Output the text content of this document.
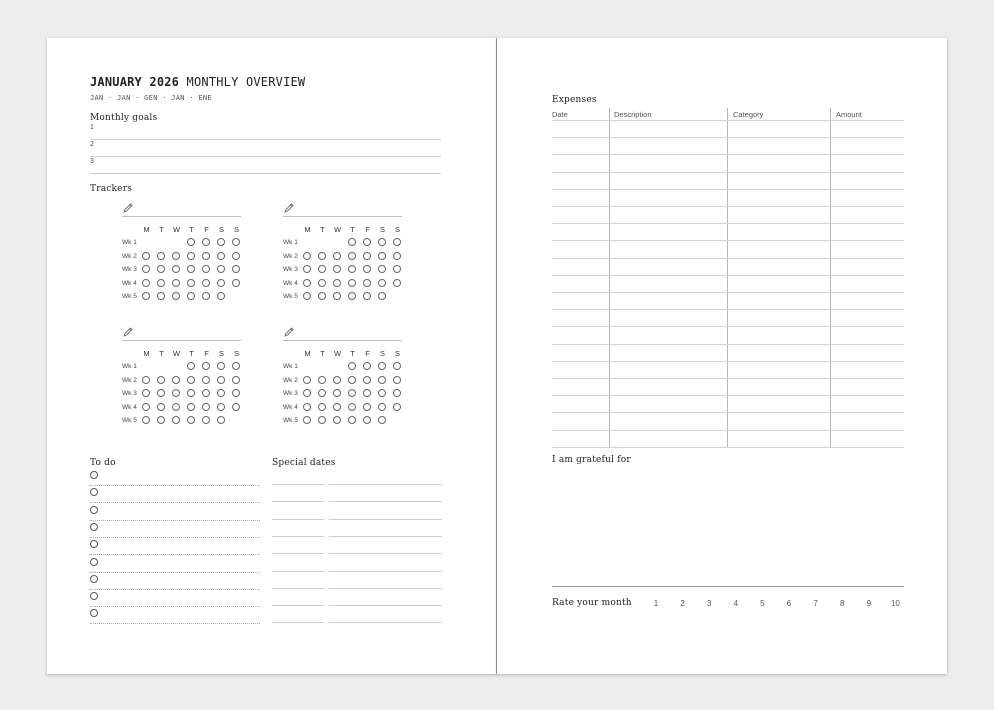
JANUARY 2026 MONTHLY OVERVIEW
JAN · JAN · GEN · JAN · ENE
Monthly goals
1
2
3
Trackers
M	T	W	T	F	S	S
Wk 1
Wk 2
Wk 3
Wk 4
Wk 5
M	T	W	T	F	S	S
Wk 1
Wk 2
Wk 3
Wk 4
Wk 5
M	T	W	T	F	S	S
Wk 1
Wk 2
Wk 3
Wk 4
Wk 5
M	T	W	T	F	S	S
Wk 1
Wk 2
Wk 3
Wk 4
Wk 5
To do	Special dates
Expenses
Date	Description	Category	Amount
I am grateful for
Rate your month	1	2	3	4	5	6	7	8	9	10
